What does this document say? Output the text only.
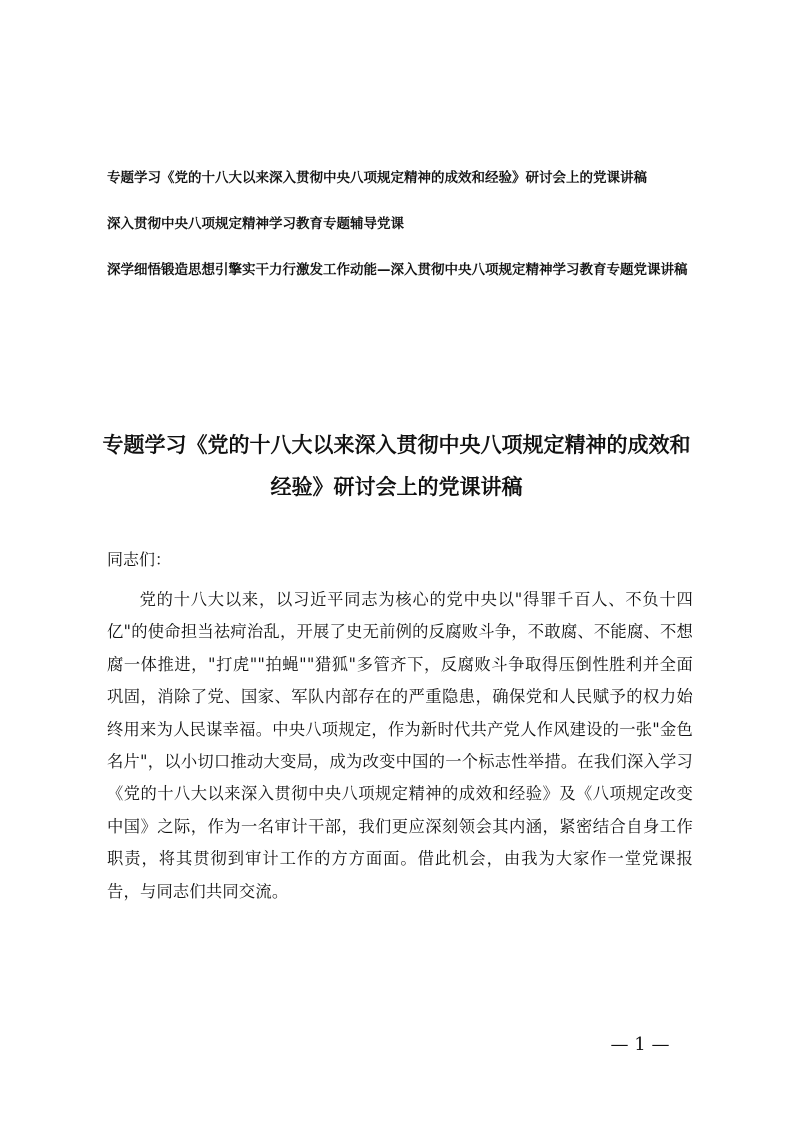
专题学习《党的十八大以来深入贯彻中央八项规定精神的成效和经验》研讨会上的党课讲稿

深入贯彻中央八项规定精神学习教育专题辅导党课

深学细悟锻造思想引擎实干力行激发工作动能—深入贯彻中央八项规定精神学习教育专题党课讲稿

专题学习《党的十八大以来深入贯彻中央八项规定精神的成效和经验》研讨会上的党课讲稿

同志们：

党的十八大以来，以习近平同志为核心的党中央以"得罪千百人、不负十四亿"的使命担当祛疴治乱，开展了史无前例的反腐败斗争，不敢腐、不能腐、不想腐一体推进，"打虎""拍蝇""猎狐"多管齐下，反腐败斗争取得压倒性胜利并全面巩固，消除了党、国家、军队内部存在的严重隐患，确保党和人民赋予的权力始终用来为人民谋幸福。中央八项规定，作为新时代共产党人作风建设的一张"金色名片"，以小切口推动大变局，成为改变中国的一个标志性举措。在我们深入学习《党的十八大以来深入贯彻中央八项规定精神的成效和经验》及《八项规定改变中国》之际，作为一名审计干部，我们更应深刻领会其内涵，紧密结合自身工作职责，将其贯彻到审计工作的方方面面。借此机会，由我为大家作一堂党课报告，与同志们共同交流。

— 1 —
